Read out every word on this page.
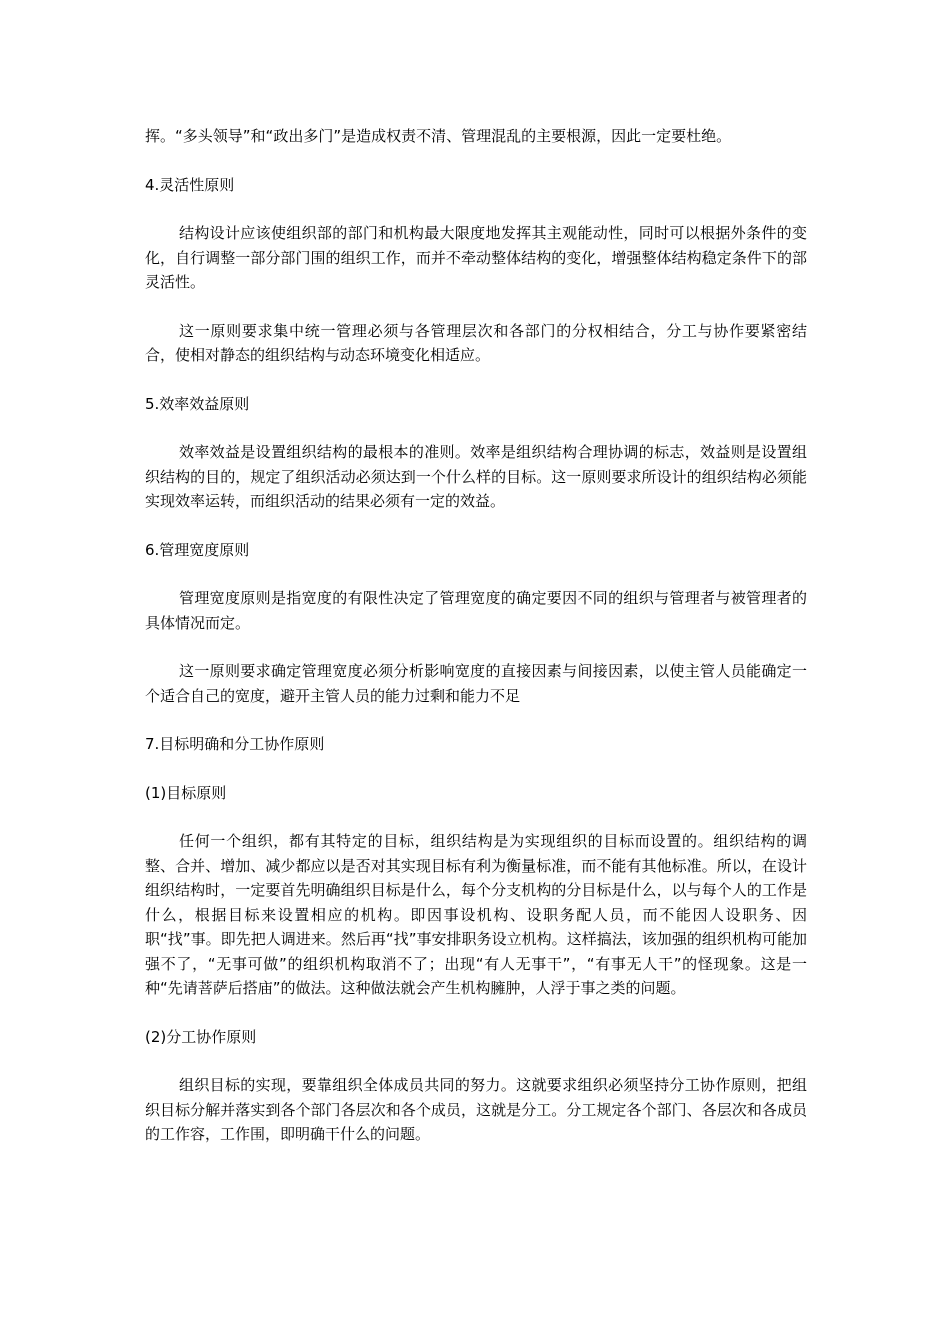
挥。“多头领导”和“政出多门”是造成权责不清、管理混乱的主要根源，因此一定要杜绝。

4.灵活性原则

结构设计应该使组织部的部门和机构最大限度地发挥其主观能动性，同时可以根据外条件的变化，自行调整一部分部门围的组织工作，而并不牵动整体结构的变化，增强整体结构稳定条件下的部灵活性。

这一原则要求集中统一管理必须与各管理层次和各部门的分权相结合，分工与协作要紧密结合，使相对静态的组织结构与动态环境变化相适应。

5.效率效益原则

效率效益是设置组织结构的最根本的准则。效率是组织结构合理协调的标志，效益则是设置组织结构的目的，规定了组织活动必须达到一个什么样的目标。这一原则要求所设计的组织结构必须能实现效率运转，而组织活动的结果必须有一定的效益。

6.管理宽度原则

管理宽度原则是指宽度的有限性决定了管理宽度的确定要因不同的组织与管理者与被管理者的具体情况而定。

这一原则要求确定管理宽度必须分析影响宽度的直接因素与间接因素，以使主管人员能确定一个适合自己的宽度，避开主管人员的能力过剩和能力不足

7.目标明确和分工协作原则

(1)目标原则

任何一个组织，都有其特定的目标，组织结构是为实现组织的目标而设置的。组织结构的调整、合并、增加、减少都应以是否对其实现目标有利为衡量标准，而不能有其他标准。所以，在设计组织结构时，一定要首先明确组织目标是什么，每个分支机构的分目标是什么，以与每个人的工作是什么，根据目标来设置相应的机构。即因事设机构、设职务配人员，而不能因人设职务、因职“找”事。即先把人调进来。然后再“找”事安排职务设立机构。这样搞法，该加强的组织机构可能加强不了，“无事可做”的组织机构取消不了；出现“有人无事干”，“有事无人干”的怪现象。这是一种“先请菩萨后搭庙”的做法。这种做法就会产生机构臃肿，人浮于事之类的问题。

(2)分工协作原则

组织目标的实现，要靠组织全体成员共同的努力。这就要求组织必须坚持分工协作原则，把组织目标分解并落实到各个部门各层次和各个成员，这就是分工。分工规定各个部门、各层次和各成员的工作容，工作围，即明确干什么的问题。
